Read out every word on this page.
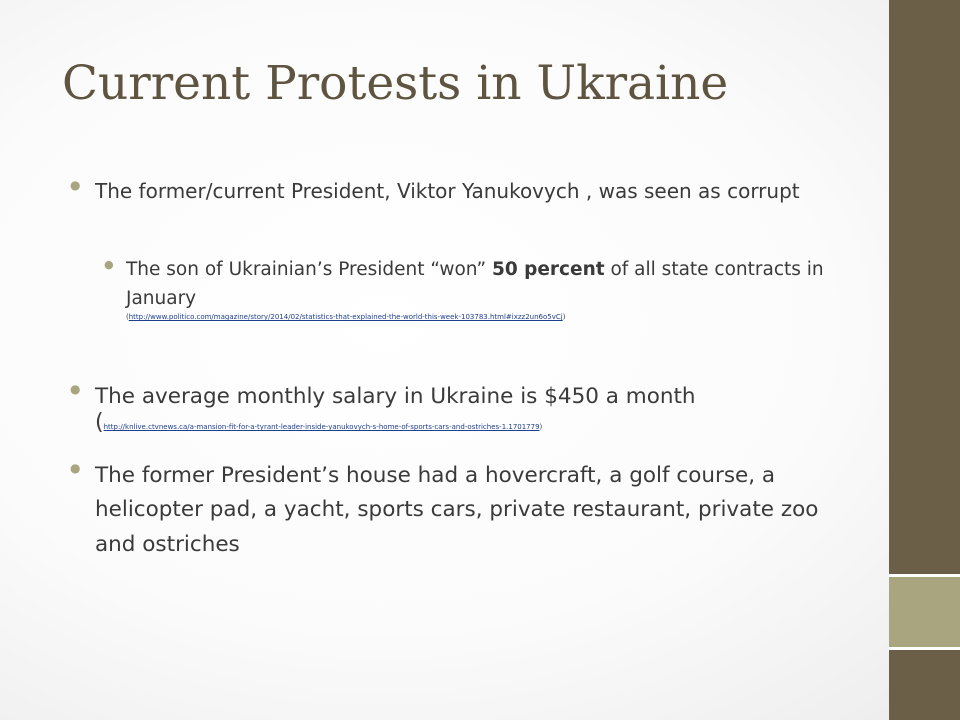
Current Protests in Ukraine
● The former/current President, Viktor Yanukovych , was seen as corrupt
● The son of Ukrainian’s President “won” 50 percent of all state contracts in January
(http://www.politico.com/magazine/story/2014/02/statistics-that-explained-the-world-this-week-103783.html#ixzz2un6o5vCj)
● The average monthly salary in Ukraine is $450 a month
(http://knlive.ctvnews.ca/a-mansion-fit-for-a-tyrant-leader-inside-yanukovych-s-home-of-sports-cars-and-ostriches-1.1701779)
● The former President’s house had a hovercraft, a golf course, a helicopter pad, a yacht, sports cars, private restaurant, private zoo and ostriches
